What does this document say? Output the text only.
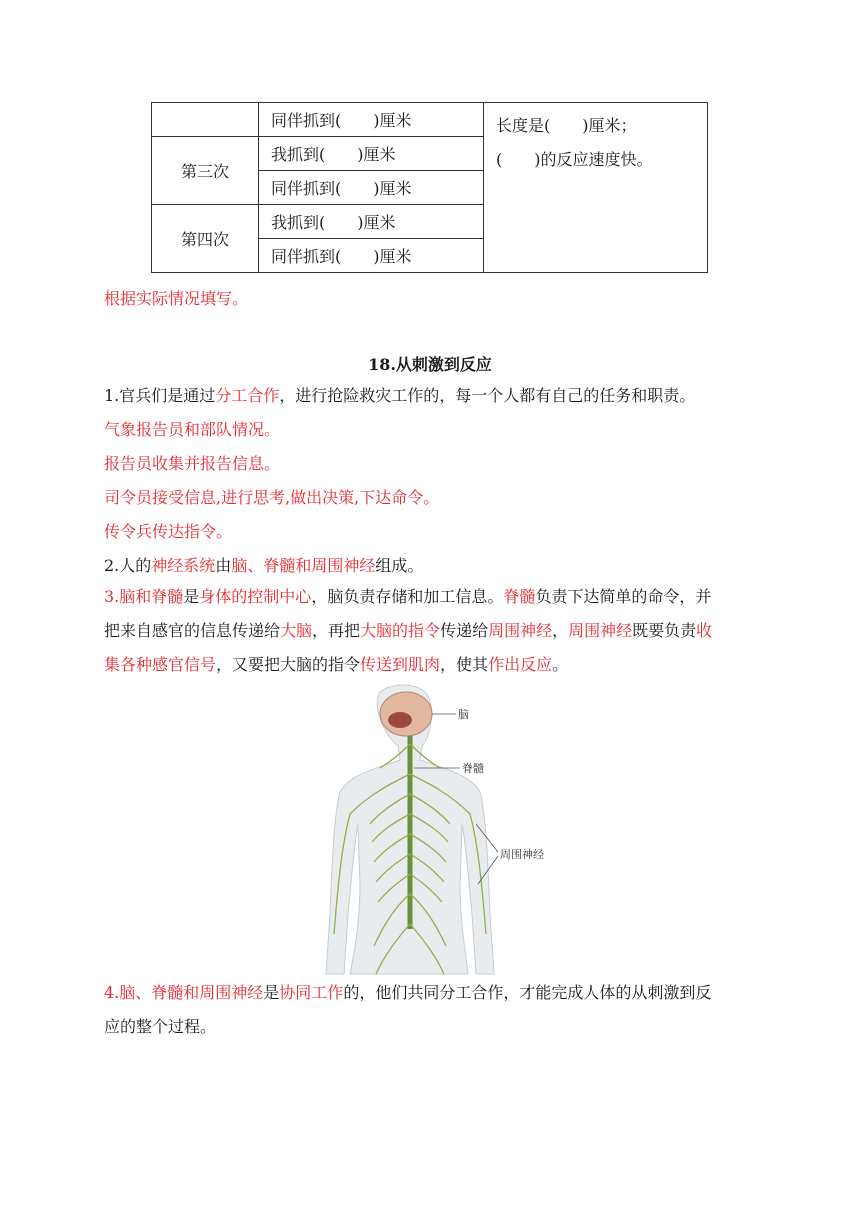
	同伴抓到(　　)厘米	长度是(　　)厘米；
(　　)的反应速度快。

第三次	我抓到(　　)厘米	
	同伴抓到(　　)厘米	
第四次	我抓到(　　)厘米	
	同伴抓到(　　)厘米	
根据实际情况填写。
18.从刺激到反应
1.官兵们是通过分工合作，进行抢险救灾工作的，每一个人都有自己的任务和职责。
气象报告员和部队情况。
报告员收集并报告信息。
司令员接受信息,进行思考,做出决策,下达命令。
传令兵传达指令。
2.人的神经系统由脑、脊髓和周围神经组成。
3.脑和脊髓是身体的控制中心，脑负责存储和加工信息。脊髓负责下达简单的命令，并
把来自感官的信息传递给大脑，再把大脑的指令传递给周围神经，周围神经既要负责收
集各种感官信号，又要把大脑的指令传送到肌肉，使其作出反应。
脑
脊髓
周围神经
4.脑、脊髓和周围神经是协同工作的，他们共同分工合作，才能完成人体的从刺激到反
应的整个过程。
